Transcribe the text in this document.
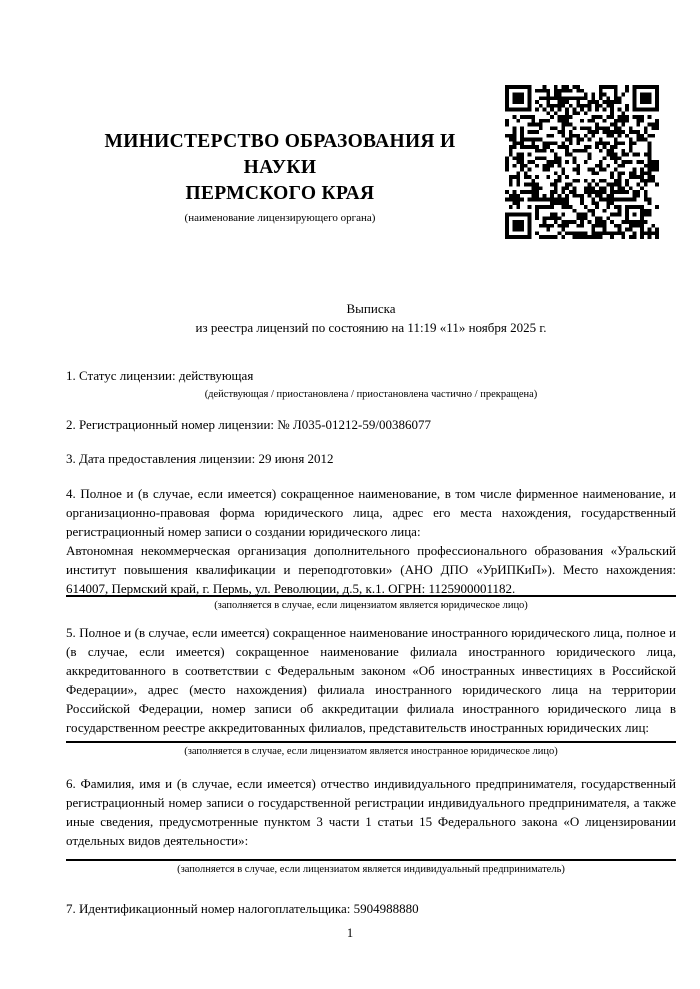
МИНИСТЕРСТВО ОБРАЗОВАНИЯ И НАУКИ
ПЕРМСКОГО КРАЯ
(наименование лицензирующего органа)
Выписка
из реестра лицензий по состоянию на 11:19 «11» ноября 2025 г.
1. Статус лицензии: действующая
(действующая / приостановлена / приостановлена частично / прекращена)
2. Регистрационный номер лицензии: № Л035-01212-59/00386077
3. Дата предоставления лицензии: 29 июня 2012

4. Полное и (в случае, если имеется) сокращенное наименование, в том числе фирменное наименование, и организационно-правовая форма юридического лица, адрес его места нахождения, государственный регистрационный номер записи о создании юридического лица:

Автономная некоммерческая организация дополнительного профессионального образования «Уральский институт повышения квалификации и переподготовки» (АНО ДПО «УрИПКиП»). Место нахождения: 614007, Пермский край, г. Пермь, ул. Революции, д.5, к.1. ОГРН: 1125900001182.

(заполняется в случае, если лицензиатом является юридическое лицо)
5. Полное и (в случае, если имеется) сокращенное наименование иностранного юридического лица, полное и (в случае, если имеется) сокращенное наименование филиала иностранного юридического лица, аккредитованного в соответствии с Федеральным законом «Об иностранных инвестициях в Российской Федерации», адрес (место нахождения) филиала иностранного юридического лица на территории Российской Федерации, номер записи об аккредитации филиала иностранного юридического лица в государственном реестре аккредитованных филиалов, представительств иностранных юридических лиц:
(заполняется в случае, если лицензиатом является иностранное юридическое лицо)
6. Фамилия, имя и (в случае, если имеется) отчество индивидуального предпринимателя, государственный регистрационный номер записи о государственной регистрации индивидуального предпринимателя, а также иные сведения, предусмотренные пунктом 3 части 1 статьи 15 Федерального закона «О лицензировании отдельных видов деятельности»:
(заполняется в случае, если лицензиатом является индивидуальный предприниматель)
7. Идентификационный номер налогоплательщика: 5904988880
1
